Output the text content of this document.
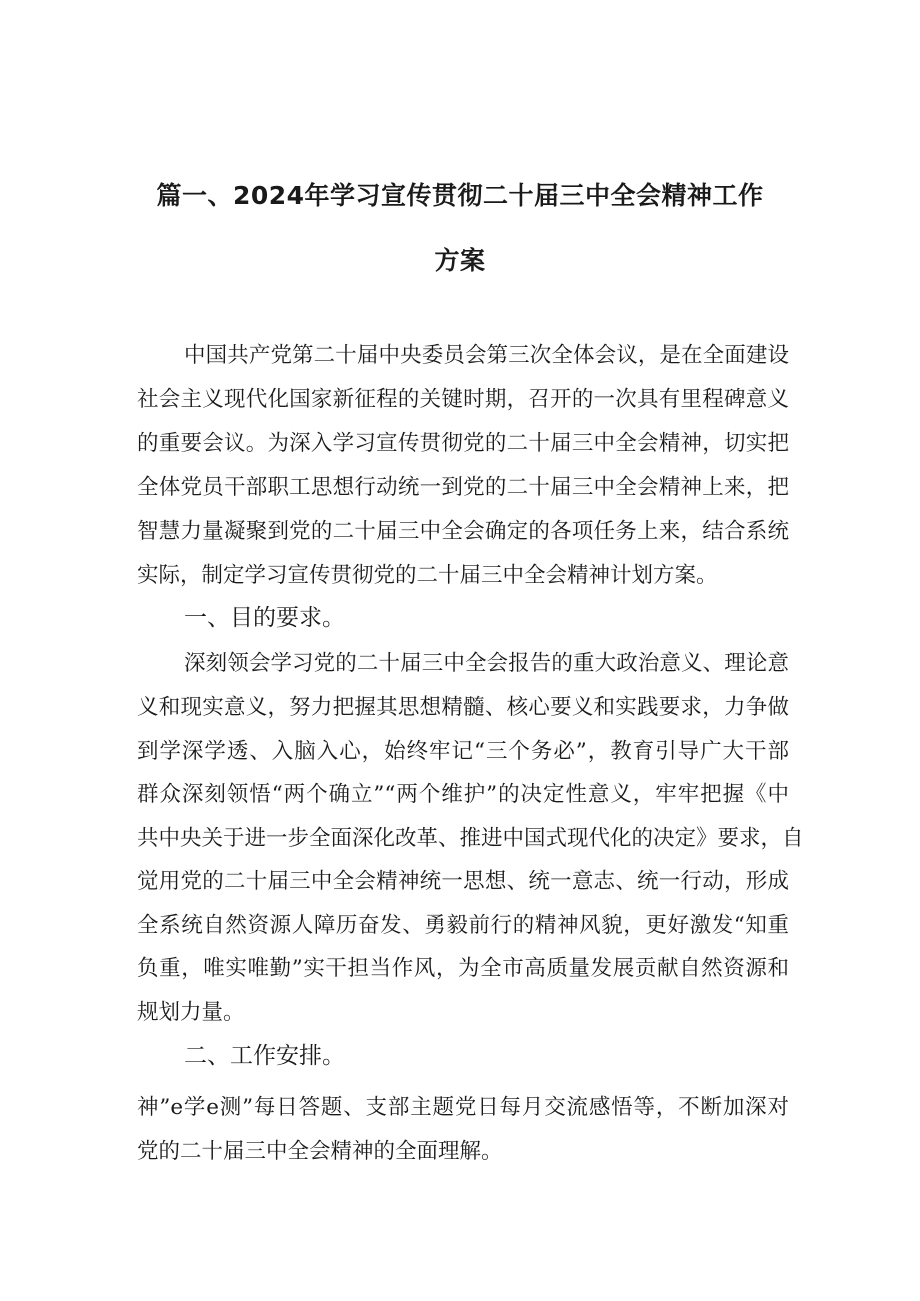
篇一、2024年学习宣传贯彻二十届三中全会精神工作
方案
中国共产党第二十届中央委员会第三次全体会议，是在全面建设
社会主义现代化国家新征程的关键时期，召开的一次具有里程碑意义
的重要会议。为深入学习宣传贯彻党的二十届三中全会精神，切实把
全体党员干部职工思想行动统一到党的二十届三中全会精神上来，把
智慧力量凝聚到党的二十届三中全会确定的各项任务上来，结合系统
实际，制定学习宣传贯彻党的二十届三中全会精神计划方案。
一、目的要求。
深刻领会学习党的二十届三中全会报告的重大政治意义、理论意
义和现实意义，努力把握其思想精髓、核心要义和实践要求，力争做
到学深学透、入脑入心，始终牢记“三个务必”，教育引导广大干部
群众深刻领悟“两个确立”“两个维护”的决定性意义，牢牢把握《中
共中央关于进一步全面深化改革、推进中国式现代化的决定》要求，自
觉用党的二十届三中全会精神统一思想、统一意志、统一行动，形成
全系统自然资源人障历奋发、勇毅前行的精神风貌，更好激发“知重
负重，唯实唯勤”实干担当作风，为全市高质量发展贡献自然资源和
规划力量。
二、工作安排。
神”e学e测”每日答题、支部主题党日每月交流感悟等，不断加深对
党的二十届三中全会精神的全面理解。
